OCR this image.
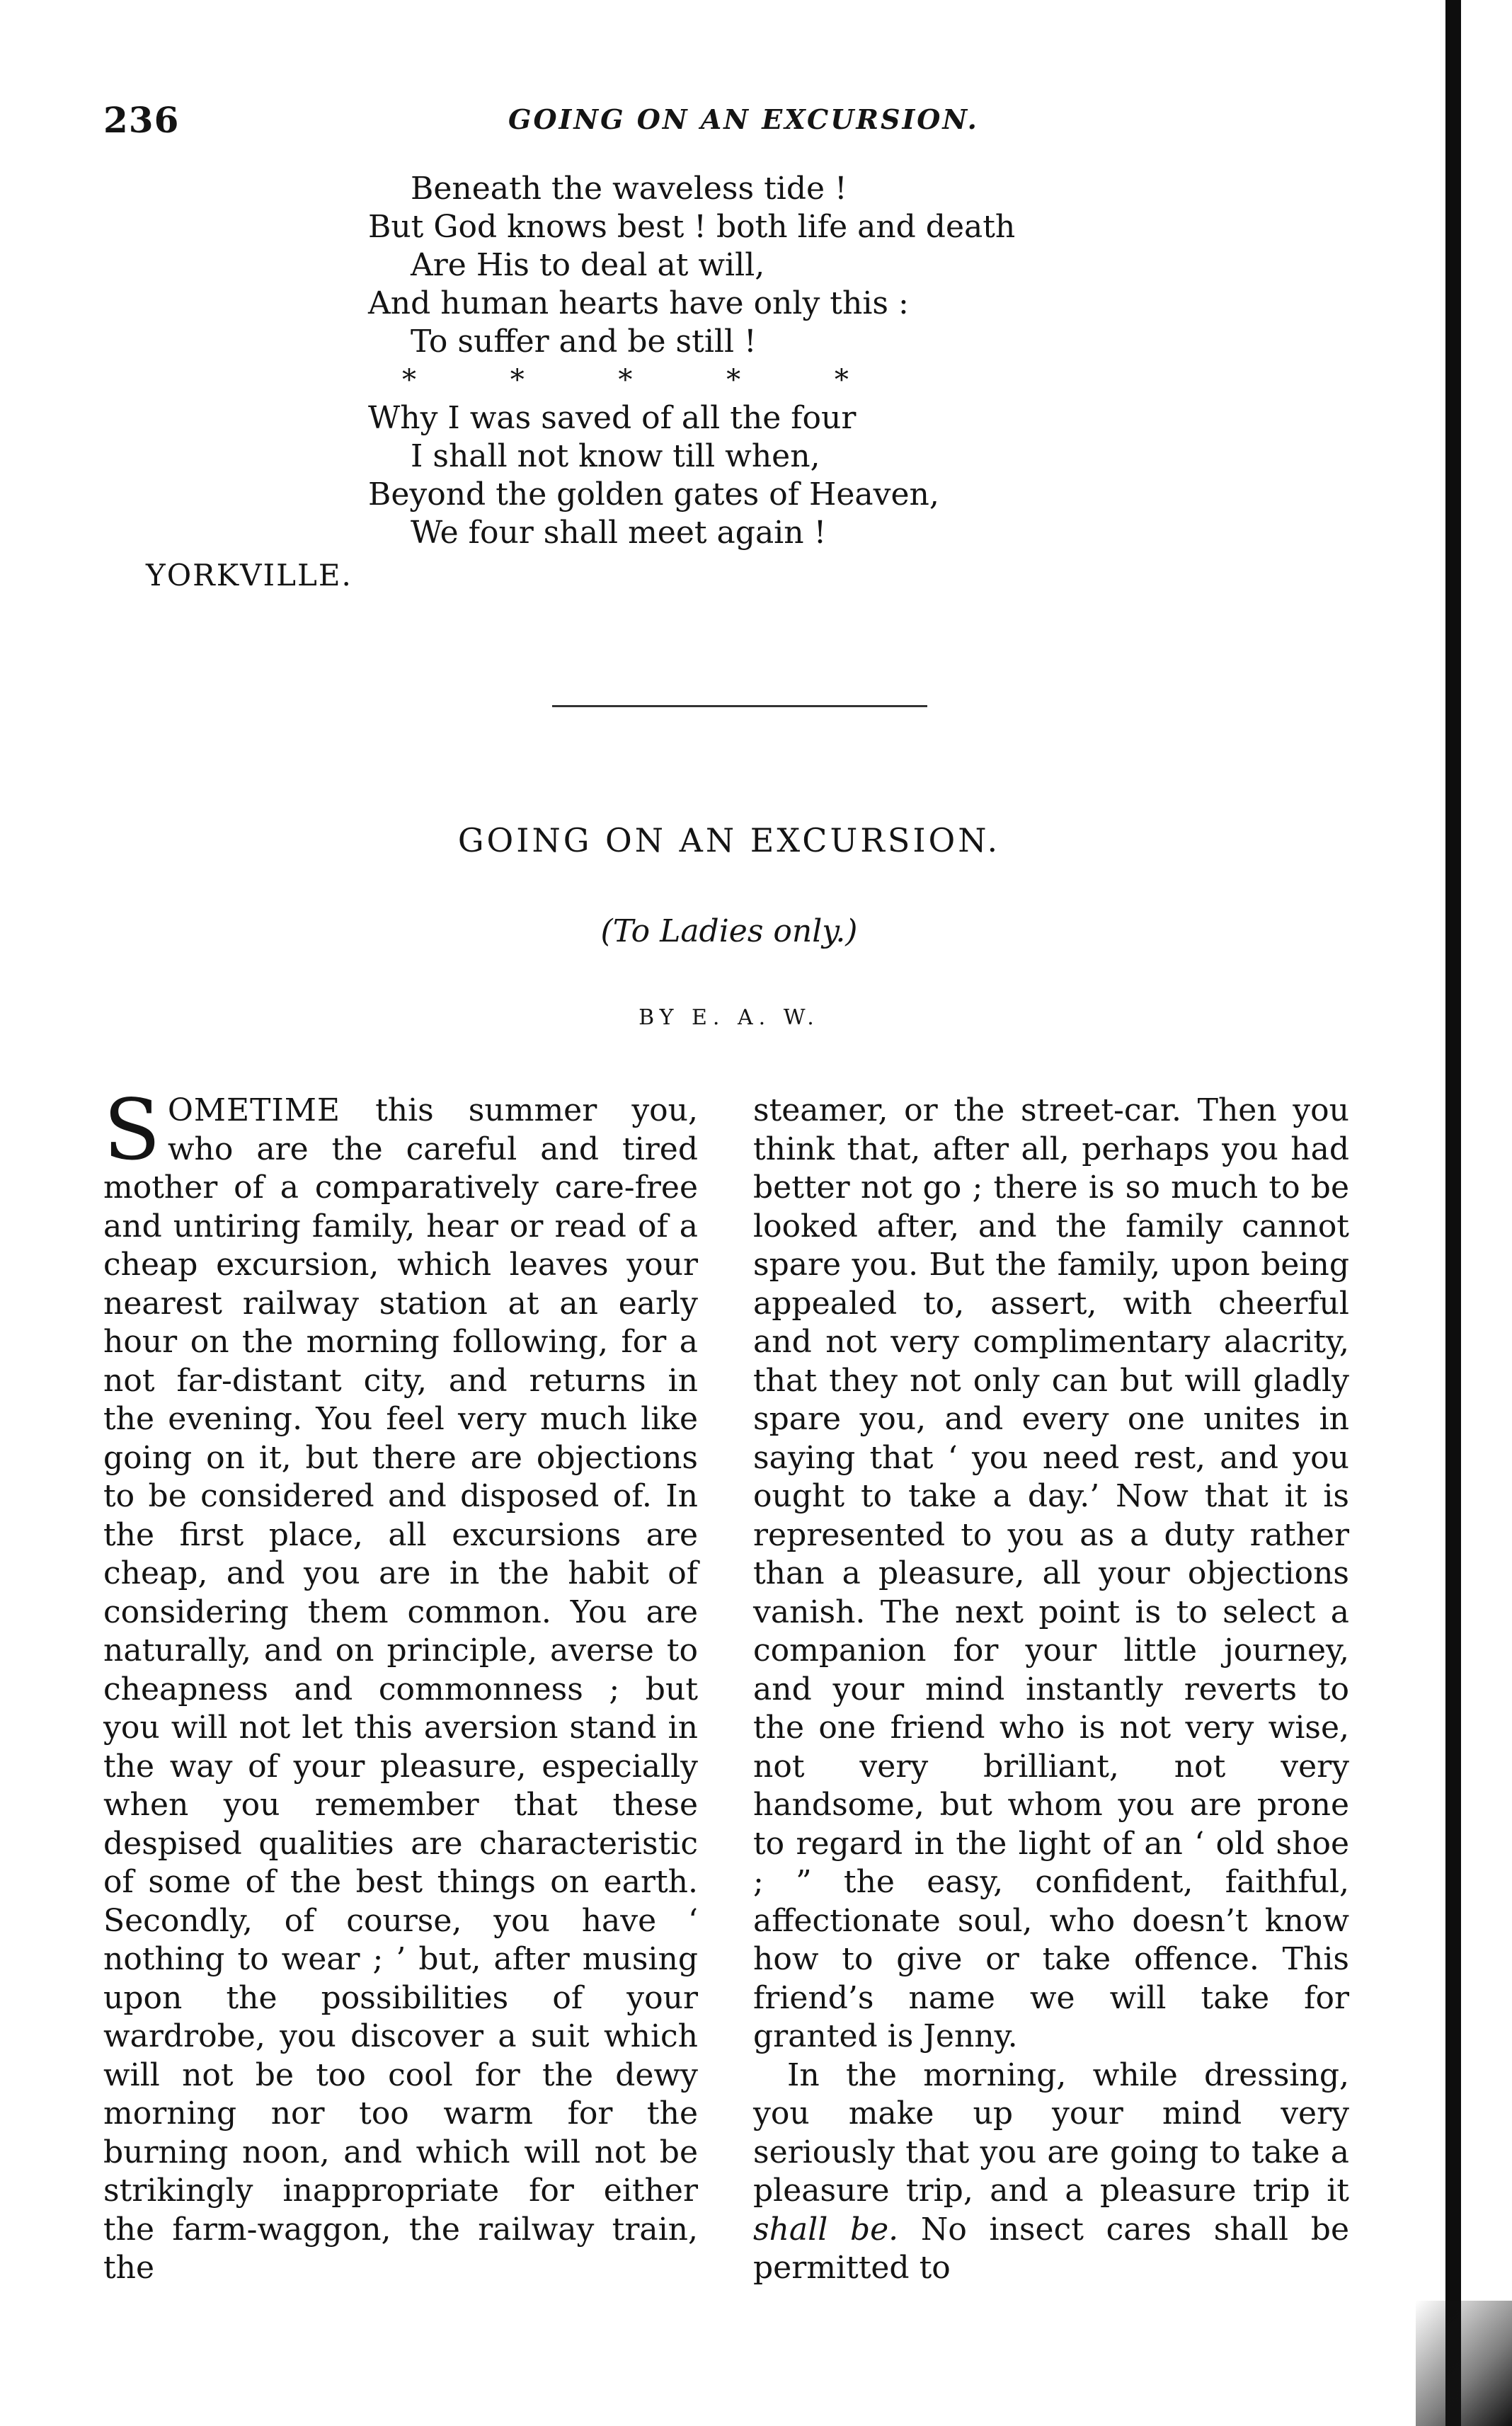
236	GOING ON AN EXCURSION.
Beneath the waveless tide !
But God knows best ! both life and death
Are His to deal at will,
And human hearts have only this :
To suffer and be still !
* * * * *
Why I was saved of all the four
I shall not know till when,
Beyond the golden gates of Heaven,
We four shall meet again !
YORKVILLE.
GOING ON AN EXCURSION.
(To Ladies only.)
BY E. A. W.

SOMETIME this summer you, who are the careful and tired mother of a comparatively care-free and untiring family, hear or read of a cheap excursion, which leaves your nearest railway station at an early hour on the morning following, for a not far-distant city, and returns in the evening. You feel very much like going on it, but there are objections to be considered and disposed of. In the first place, all excursions are cheap, and you are in the habit of considering them common. You are naturally, and on principle, averse to cheapness and commonness ; but you will not let this aversion stand in the way of your pleasure, especially when you remember that these despised qualities are characteristic of some of the best things on earth. Secondly, of course, you have ‘ nothing to wear ; ’ but, after musing upon the possibilities of your wardrobe, you discover a suit which will not be too cool for the dewy morning nor too warm for the burning noon, and which will not be strikingly inappropriate for either the farm-waggon, the railway train, the

steamer, or the street-car. Then you think that, after all, perhaps you had better not go ; there is so much to be looked after, and the family cannot spare you. But the family, upon being appealed to, assert, with cheerful and not very complimentary alacrity, that they not only can but will gladly spare you, and every one unites in saying that ‘ you need rest, and you ought to take a day.’ Now that it is represented to you as a duty rather than a pleasure, all your objections vanish. The next point is to select a companion for your little journey, and your mind instantly reverts to the one friend who is not very wise, not very brilliant, not very handsome, but whom you are prone to regard in the light of an ‘ old shoe ; ” the easy, confident, faithful, affectionate soul, who doesn’t know how to give or take offence. This friend’s name we will take for granted is Jenny.

In the morning, while dressing, you make up your mind very seriously that you are going to take a pleasure trip, and a pleasure trip it shall be. No insect cares shall be permitted to
